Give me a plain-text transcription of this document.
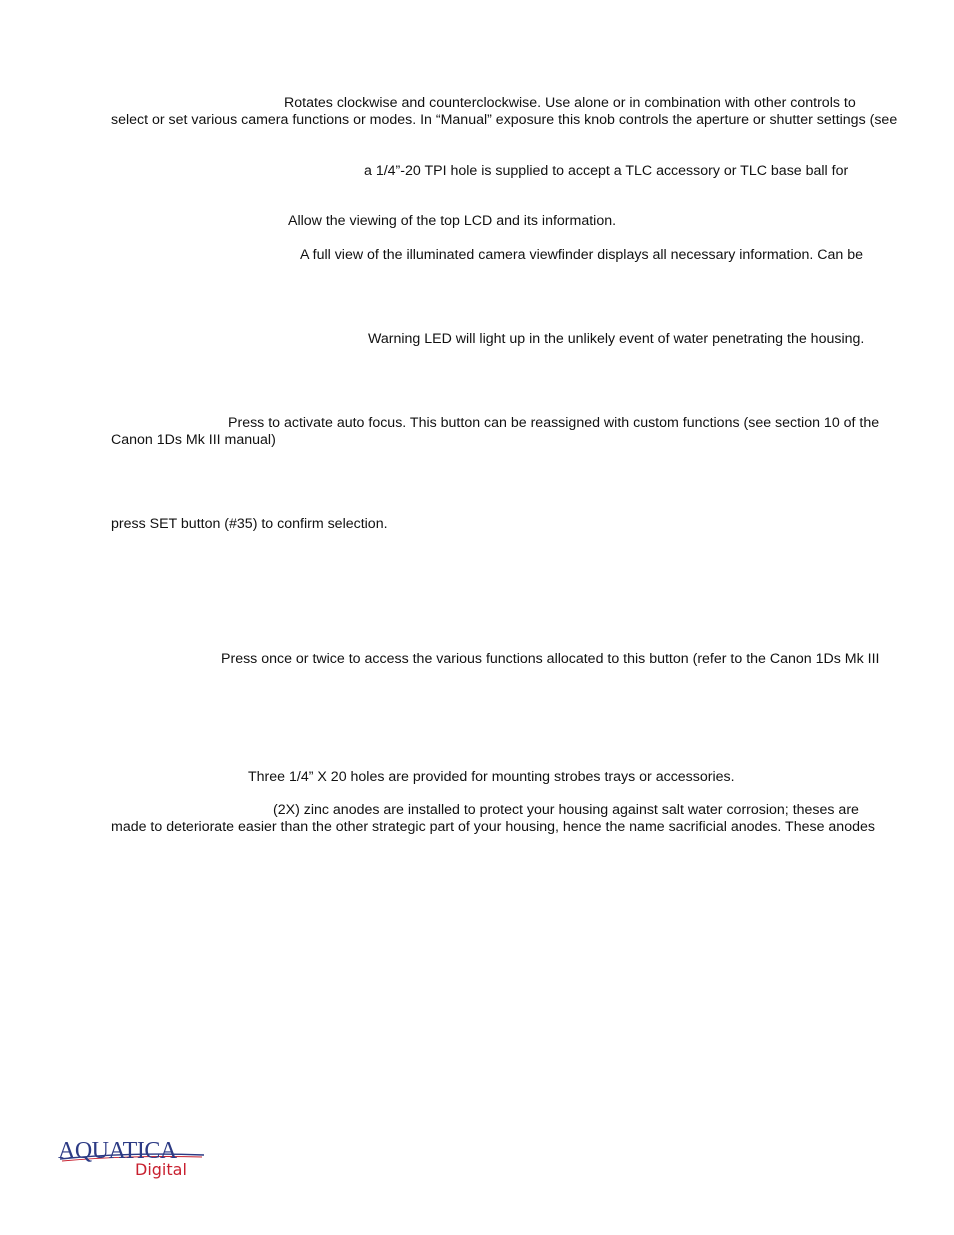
Rotates clockwise and counterclockwise. Use alone or in combination with other controls to

select or set various camera functions or modes. In “Manual” exposure this knob controls the aperture or shutter settings (see

a 1/4”-20 TPI hole is supplied to accept a TLC accessory or TLC base ball for

Allow the viewing of the top LCD and its information.

A full view of the illuminated camera viewfinder displays all necessary information. Can be

Warning LED will light up in the unlikely event of water penetrating the housing.

Press to activate auto focus. This button can be reassigned with custom functions (see section 10 of the

Canon 1Ds Mk III manual)

press SET button (#35) to confirm selection.

Press once or twice to access the various functions allocated to this button (refer to the Canon 1Ds Mk III

Three 1/4” X 20 holes are provided for mounting strobes trays or accessories.

(2X) zinc anodes are installed to protect your housing against salt water corrosion; theses are

made to deteriorate easier than the other strategic part of your housing, hence the name sacrificial anodes. These anodes

AQUATICA
Digital
